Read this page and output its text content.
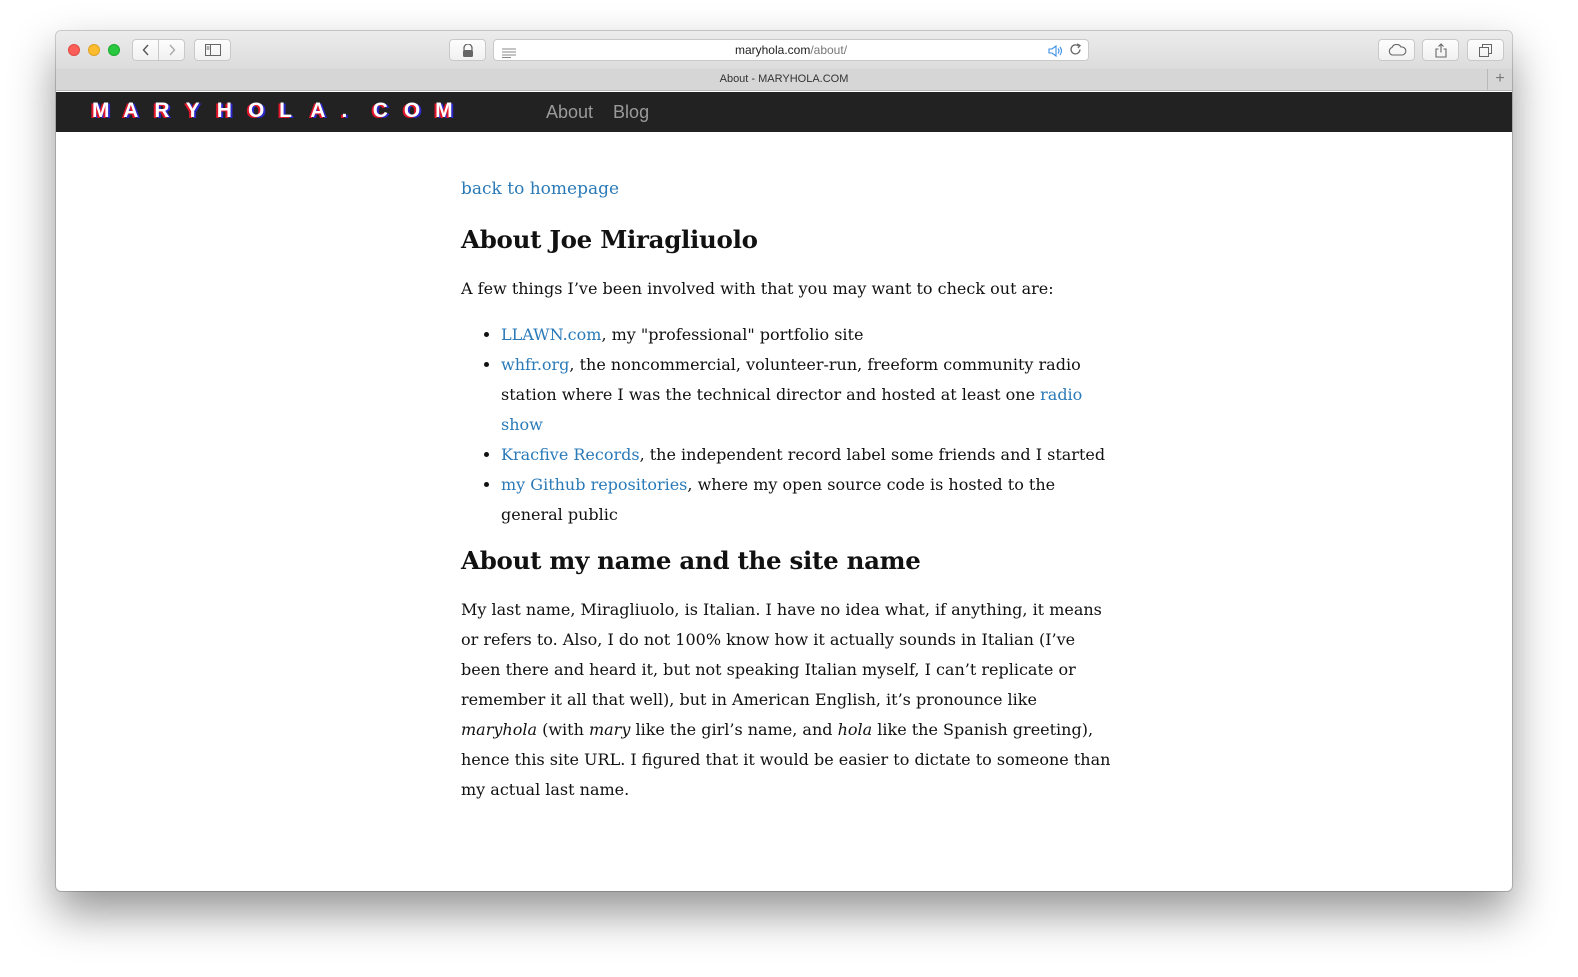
maryhola.com/about/
About - MARYHOLA.COM	+
M A R Y H O L A .	C O M	About Blog
back to homepage
About Joe Miragliuolo

A few things I’ve been involved with that you may want to check out are:

• LLAWN.com, my "professional" portfolio site
• whfr.org, the noncommercial, volunteer-run, freeform community radio station where I was the technical director and hosted at least one radio show
• Kracfive Records, the independent record label some friends and I started
• my Github repositories, where my open source code is hosted to the general public
About my name and the site name

My last name, Miragliuolo, is Italian. I have no idea what, if anything, it means or refers to. Also, I do not 100% know how it actually sounds in Italian (I’ve been there and heard it, but not speaking Italian myself, I can’t replicate or remember it all that well), but in American English, it’s pronounce like maryhola (with mary like the girl’s name, and hola like the Spanish greeting), hence this site URL. I figured that it would be easier to dictate to someone than my actual last name.
